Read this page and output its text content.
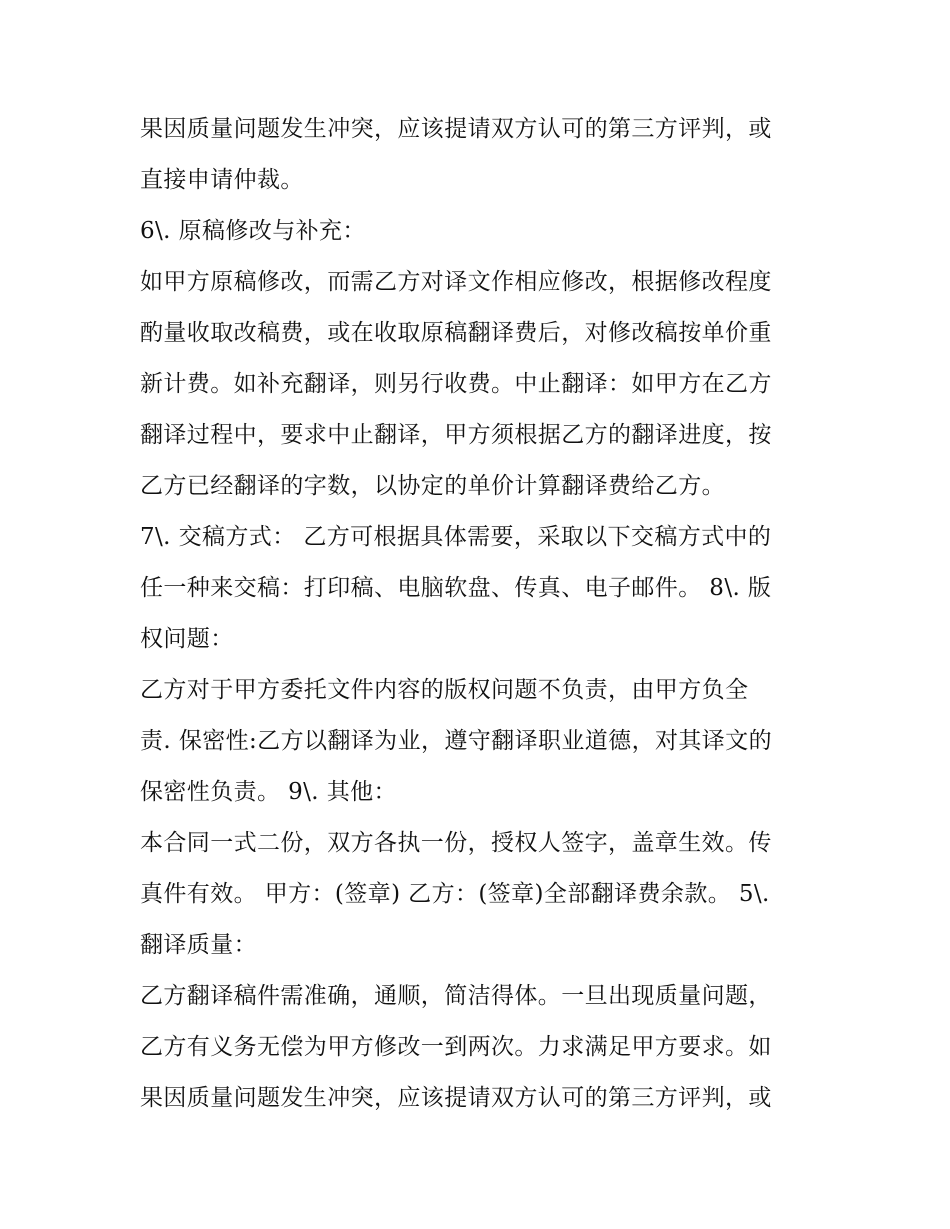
果因质量问题发生冲突，应该提请双方认可的第三方评判，或
直接申请仲裁。
6\. 原稿修改与补充：
如甲方原稿修改，而需乙方对译文作相应修改，根据修改程度
酌量收取改稿费，或在收取原稿翻译费后，对修改稿按单价重
新计费。如补充翻译，则另行收费。中止翻译：如甲方在乙方
翻译过程中，要求中止翻译，甲方须根据乙方的翻译进度，按
乙方已经翻译的字数，以协定的单价计算翻译费给乙方。
7\. 交稿方式： 乙方可根据具体需要，采取以下交稿方式中的
任一种来交稿：打印稿、电脑软盘、传真、电子邮件。 8\. 版
权问题：
乙方对于甲方委托文件内容的版权问题不负责，由甲方负全
责. 保密性:乙方以翻译为业，遵守翻译职业道德，对其译文的
保密性负责。 9\. 其他：
本合同一式二份，双方各执一份，授权人签字，盖章生效。传
真件有效。 甲方：(签章) 乙方：(签章)全部翻译费余款。 5\.
翻译质量：
乙方翻译稿件需准确，通顺，简洁得体。一旦出现质量问题，
乙方有义务无偿为甲方修改一到两次。力求满足甲方要求。如
果因质量问题发生冲突，应该提请双方认可的第三方评判，或
